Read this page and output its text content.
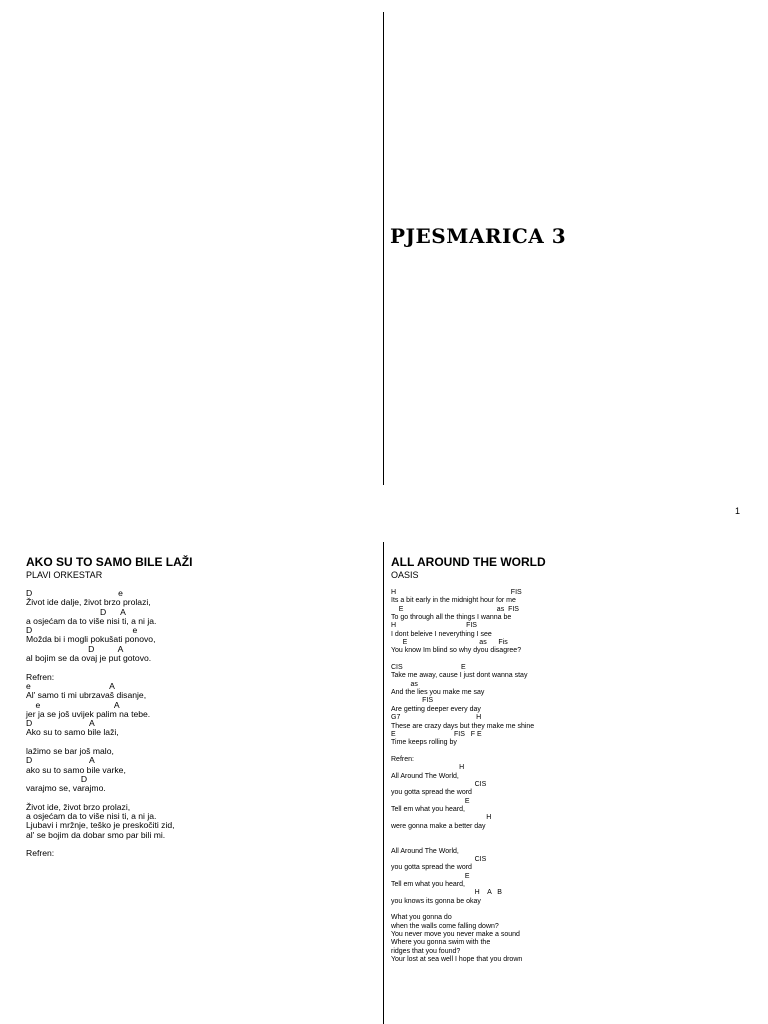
PJESMARICA 3
1
AKO SU TO SAMO BILE LAŽI
PLAVI ORKESTAR
D                                    e
Život ide dalje, život brzo prolazi,
D      A
a osjećam da to više nisi ti, a ni ja.
D                                          e
Možda bi i mogli pokušati ponovo,
D          A
al bojim se da ovaj je put gotovo.

Refren:
e                                 A
Al' samo ti mi ubrzavaš disanje,
e                               A
jer ja se još uvijek palim na tebe.
D                        A
Ako su to samo bile laži,

lažimo se bar još malo,
D                        A
ako su to samo bile varke,
D
varajmo se, varajmo.

Život ide, život brzo prolazi,
a osjećam da to više nisi ti, a ni ja.
Ljubavi i mržnje, teško je preskočiti zid,
al' se bojim da dobar smo par bili mi.

Refren:
ALL AROUND THE WORLD
OASIS
H                                                           FIS
Its a bit early in the midnight hour for me
E                                                as  FIS
To go through all the things I wanna be
H                                    FIS
I dont beleive I neverything I see
E                                     as      Fis
You know Im blind so why dyou disagree?

CIS                              E
Take me away, cause I just dont wanna stay
as
And the lies you make me say
FIS
Are getting deeper every day
G7                                       H
These are crazy days but they make me shine
E                              FIS   F E
Time keeps rolling by

Refren:
H
All Around The World,
CIS
you gotta spread the word
E
Tell em what you heard,
H
were gonna make a better day

All Around The World,
CIS
you gotta spread the word
E
Tell em what you heard,
H    A   B
you knows its gonna be okay

What you gonna do
when the walls come falling down?
You never move you never make a sound
Where you gonna swim with the
ridges that you found?
Your lost at sea well I hope that you drown
